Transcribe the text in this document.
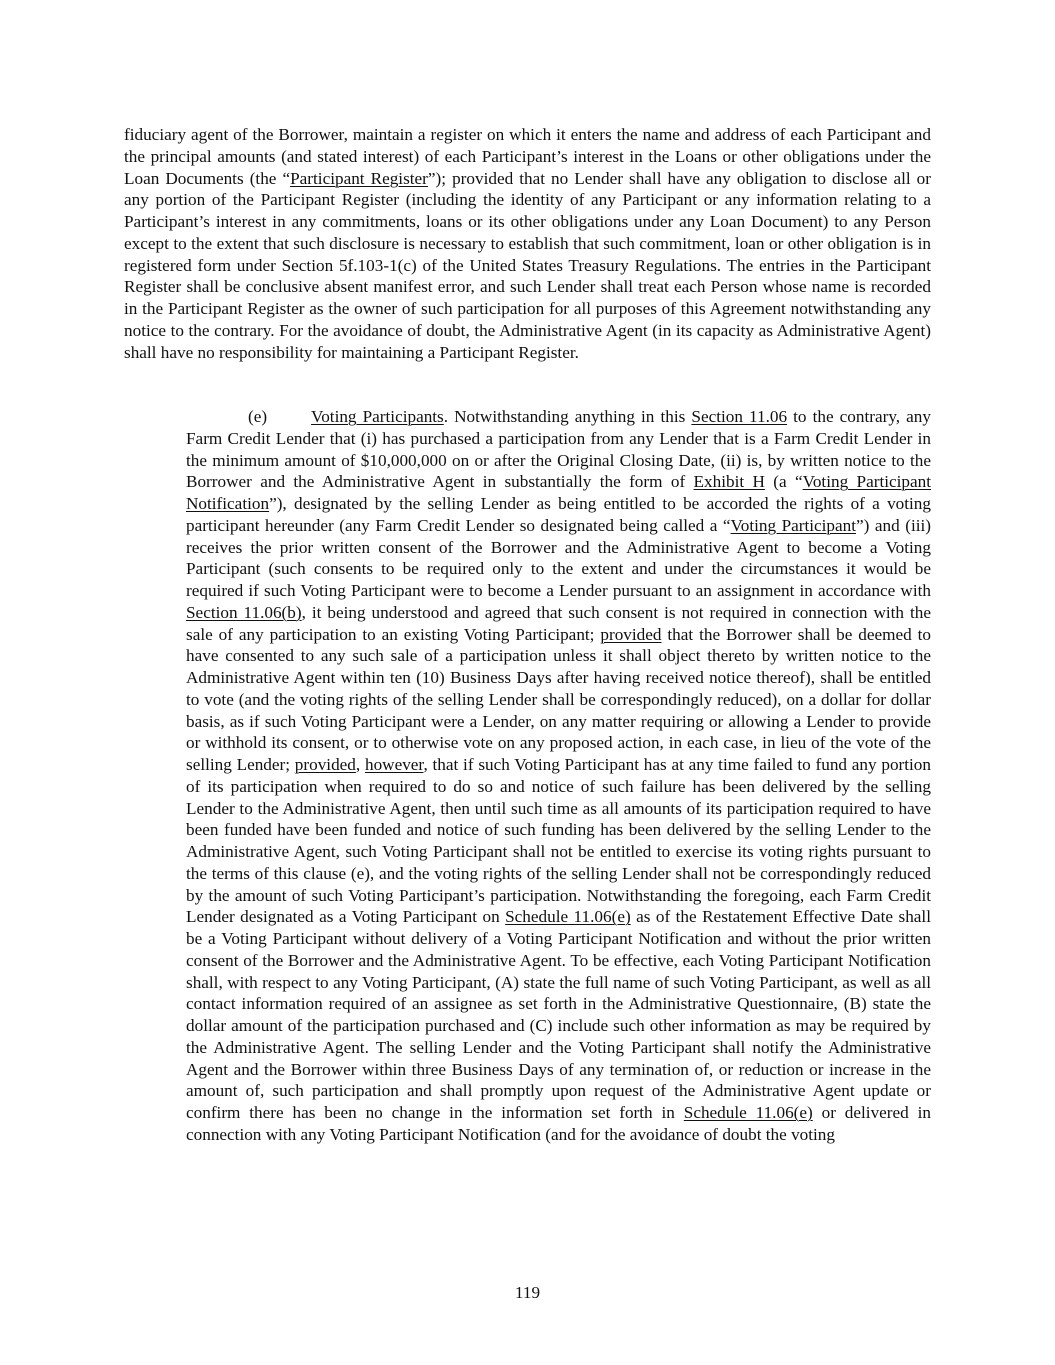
fiduciary agent of the Borrower, maintain a register on which it enters the name and address of each Participant and the principal amounts (and stated interest) of each Participant’s interest in the Loans or other obligations under the Loan Documents (the “Participant Register”); provided that no Lender shall have any obligation to disclose all or any portion of the Participant Register (including the identity of any Participant or any information relating to a Participant’s interest in any commitments, loans or its other obligations under any Loan Document) to any Person except to the extent that such disclosure is necessary to establish that such commitment, loan or other obligation is in registered form under Section 5f.103-1(c) of the United States Treasury Regulations. The entries in the Participant Register shall be conclusive absent manifest error, and such Lender shall treat each Person whose name is recorded in the Participant Register as the owner of such participation for all purposes of this Agreement notwithstanding any notice to the contrary. For the avoidance of doubt, the Administrative Agent (in its capacity as Administrative Agent) shall have no responsibility for maintaining a Participant Register.

(e)	Voting Participants. Notwithstanding anything in this Section 11.06 to the contrary, any Farm Credit Lender that (i) has purchased a participation from any Lender that is a Farm Credit Lender in the minimum amount of $10,000,000 on or after the Original Closing Date, (ii) is, by written notice to the Borrower and the Administrative Agent in substantially the form of Exhibit H (a “Voting Participant Notification”), designated by the selling Lender as being entitled to be accorded the rights of a voting participant hereunder (any Farm Credit Lender so designated being called a “Voting Participant”) and (iii) receives the prior written consent of the Borrower and the Administrative Agent to become a Voting Participant (such consents to be required only to the extent and under the circumstances it would be required if such Voting Participant were to become a Lender pursuant to an assignment in accordance with Section 11.06(b), it being understood and agreed that such consent is not required in connection with the sale of any participation to an existing Voting Participant; provided that the Borrower shall be deemed to have consented to any such sale of a participation unless it shall object thereto by written notice to the Administrative Agent within ten (10) Business Days after having received notice thereof), shall be entitled to vote (and the voting rights of the selling Lender shall be correspondingly reduced), on a dollar for dollar basis, as if such Voting Participant were a Lender, on any matter requiring or allowing a Lender to provide or withhold its consent, or to otherwise vote on any proposed action, in each case, in lieu of the vote of the selling Lender; provided, however, that if such Voting Participant has at any time failed to fund any portion of its participation when required to do so and notice of such failure has been delivered by the selling Lender to the Administrative Agent, then until such time as all amounts of its participation required to have been funded have been funded and notice of such funding has been delivered by the selling Lender to the Administrative Agent, such Voting Participant shall not be entitled to exercise its voting rights pursuant to the terms of this clause (e), and the voting rights of the selling Lender shall not be correspondingly reduced by the amount of such Voting Participant’s participation. Notwithstanding the foregoing, each Farm Credit Lender designated as a Voting Participant on Schedule 11.06(e) as of the Restatement Effective Date shall be a Voting Participant without delivery of a Voting Participant Notification and without the prior written consent of the Borrower and the Administrative Agent. To be effective, each Voting Participant Notification shall, with respect to any Voting Participant, (A) state the full name of such Voting Participant, as well as all contact information required of an assignee as set forth in the Administrative Questionnaire, (B) state the dollar amount of the participation purchased and (C) include such other information as may be required by the Administrative Agent. The selling Lender and the Voting Participant shall notify the Administrative Agent and the Borrower within three Business Days of any termination of, or reduction or increase in the amount of, such participation and shall promptly upon request of the Administrative Agent update or confirm there has been no change in the information set forth in Schedule 11.06(e) or delivered in connection with any Voting Participant Notification (and for the avoidance of doubt the voting

119
